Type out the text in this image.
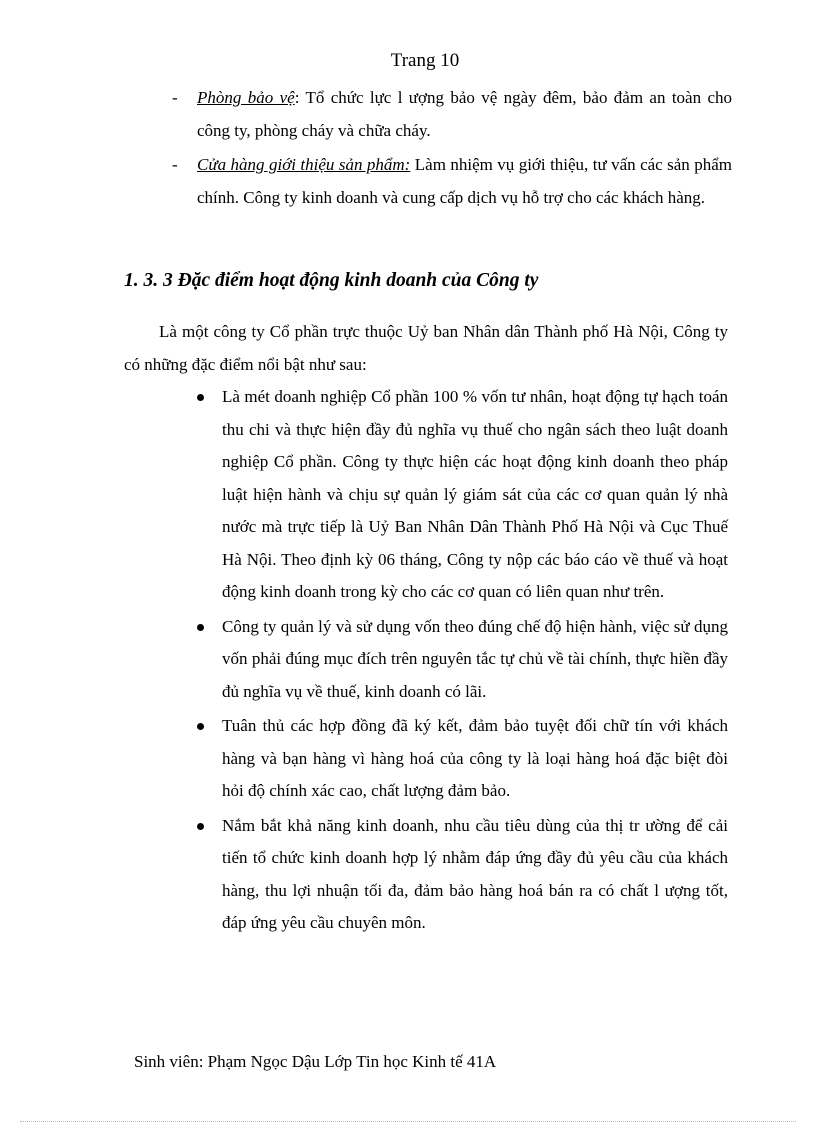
Trang 10
- Phòng bảo vệ: Tổ chức lực l ượng bảo vệ ngày đêm, bảo đảm an toàn cho công ty, phòng cháy và chữa cháy.
- Cửa hàng giới thiệu sản phẩm: Làm nhiệm vụ giới thiệu, tư vấn các sản phẩm chính. Công ty kinh doanh và cung cấp dịch vụ hỗ trợ cho các khách hàng.
1. 3. 3 Đặc điểm hoạt động kinh doanh của Công ty
Là một công ty Cổ phần trực thuộc Uỷ ban Nhân dân Thành phố Hà Nội, Công ty có những đặc điểm nổi bật như sau:
Là mét doanh nghiệp Cổ phần 100 % vốn tư nhân, hoạt động tự hạch toán thu chi và thực hiện đầy đủ nghĩa vụ thuế cho ngân sách theo luật doanh nghiệp Cổ phần. Công ty thực hiện các hoạt động kinh doanh theo pháp luật hiện hành và chịu sự quản lý giám sát của các cơ quan quản lý nhà nước mà trực tiếp là Uỷ Ban Nhân Dân Thành Phố Hà Nội và Cục Thuế Hà Nội. Theo định kỳ 06 tháng, Công ty nộp các báo cáo về thuế và hoạt động kinh doanh trong kỳ cho các cơ quan có liên quan như trên.
Công ty quản lý và sử dụng vốn theo đúng chế độ hiện hành, việc sử dụng vốn phải đúng mục đích trên nguyên tắc tự chủ về tài chính, thực hiền đầy đủ nghĩa vụ về thuế, kinh doanh có lãi.
Tuân thủ các hợp đồng đã ký kết, đảm bảo tuyệt đối chữ tín với khách hàng và bạn hàng vì hàng hoá của công ty là loại hàng hoá đặc biệt đòi hỏi độ chính xác cao, chất lượng đảm bảo.
Nắm bắt khả năng kinh doanh, nhu cầu tiêu dùng của thị tr ường để cải tiến tổ chức kinh doanh hợp lý nhằm đáp ứng đầy đủ yêu cầu của khách hàng, thu lợi nhuận tối đa, đảm bảo hàng hoá bán ra có chất l ượng tốt, đáp ứng yêu cầu chuyên môn.
Sinh viên: Phạm Ngọc Dậu Lớp Tin học Kinh tế 41A
